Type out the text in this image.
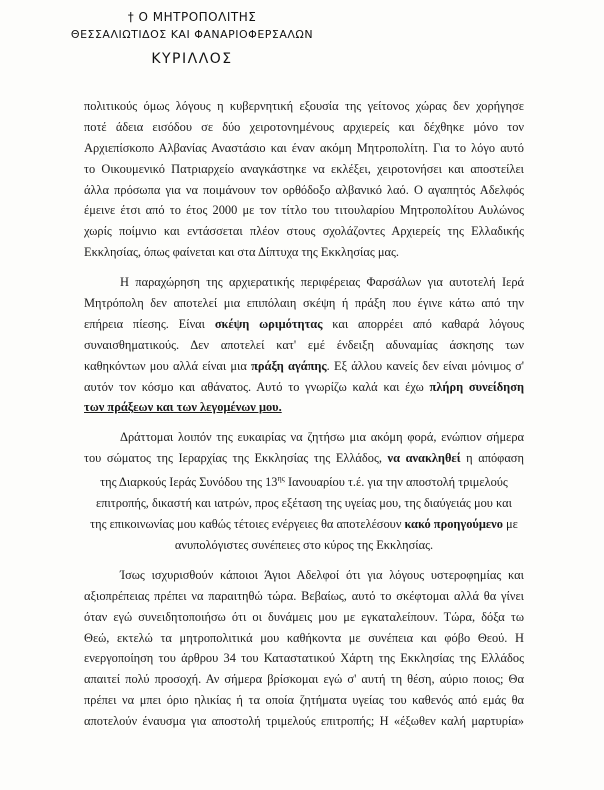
† Ο ΜΗΤΡΟΠΟΛΙΤΗΣ
ΘΕΣΣΑΛΙΩΤΙΔΟΣ ΚΑΙ ΦΑΝΑΡΙΟΦΕΡΣΑΛΩΝ
ΚΥΡΙΛΛΟΣ
πολιτικούς όμως λόγους η κυβερνητική εξουσία της γείτονος χώρας δεν χορήγησε
ποτέ άδεια εισόδου σε δύο χειροτονημένους αρχιερείς και δέχθηκε μόνο τον
Αρχιεπίσκοπο Αλβανίας Αναστάσιο και έναν ακόμη Μητροπολίτη. Για το λόγο αυτό
το Οικουμενικό Πατριαρχείο αναγκάστηκε να εκλέξει, χειροτονήσει και αποστείλει
άλλα πρόσωπα για να ποιμάνουν τον ορθόδοξο αλβανικό λαό. Ο αγαπητός Αδελφός
έμεινε έτσι από το έτος 2000 με τον τίτλο του τιτουλαρίου Μητροπολίτου Αυλώνος
χωρίς ποίμνιο και εντάσσεται πλέον στους σχολάζοντες Αρχιερείς της Ελλαδικής
Εκκλησίας, όπως φαίνεται και στα Δίπτυχα της Εκκλησίας μας.
Η παραχώρηση της αρχιερατικής περιφέρειας Φαρσάλων για αυτοτελή Ιερά
Μητρόπολη δεν αποτελεί μια επιπόλαιη σκέψη ή πράξη που έγινε κάτω από την
επήρεια πίεσης. Είναι σκέψη ωριμότητας και απορρέει από καθαρά λόγους
συναισθηματικούς. Δεν αποτελεί κατ' εμέ ένδειξη αδυναμίας άσκησης των
καθηκόντων μου αλλά είναι μια πράξη αγάπης. Εξ άλλου κανείς δεν είναι μόνιμος σ'
αυτόν τον κόσμο και αθάνατος. Αυτό το γνωρίζω καλά και έχω πλήρη συνείδηση
των πράξεων και των λεγομένων μου.
Δράττομαι λοιπόν της ευκαιρίας να ζητήσω μια ακόμη φορά, ενώπιον σήμερα
του σώματος της Ιεραρχίας της Εκκλησίας της Ελλάδος, να ανακληθεί η απόφαση
της Διαρκούς Ιεράς Συνόδου της $13^{\eta\varsigma}$ Ιανουαρίου τ.έ. για την αποστολή τριμελούς
επιτροπής, δικαστή και ιατρών, προς εξέταση της υγείας μου, της διαύγειάς μου και
της επικοινωνίας μου καθώς τέτοιες ενέργειες θα αποτελέσουν κακό προηγούμενο με
ανυπολόγιστες συνέπειες στο κύρος της Εκκλησίας.
Ίσως ισχυρισθούν κάποιοι Άγιοι Αδελφοί ότι για λόγους υστεροφημίας και
αξιοπρέπειας πρέπει να παραιτηθώ τώρα. Βεβαίως, αυτό το σκέφτομαι αλλά θα γίνει
όταν εγώ συνειδητοποιήσω ότι οι δυνάμεις μου με εγκαταλείπουν. Τώρα, δόξα τω
Θεώ, εκτελώ τα μητροπολιτικά μου καθήκοντα με συνέπεια και φόβο Θεού. Η
ενεργοποίηση του άρθρου 34 του Καταστατικού Χάρτη της Εκκλησίας της Ελλάδος
απαιτεί πολύ προσοχή. Αν σήμερα βρίσκομαι εγώ σ' αυτή τη θέση, αύριο ποιος; Θα
πρέπει να μπει όριο ηλικίας ή τα οποία ζητήματα υγείας του καθενός από εμάς θα
αποτελούν έναυσμα για αποστολή τριμελούς επιτροπής; Η «έξωθεν καλή μαρτυρία»
